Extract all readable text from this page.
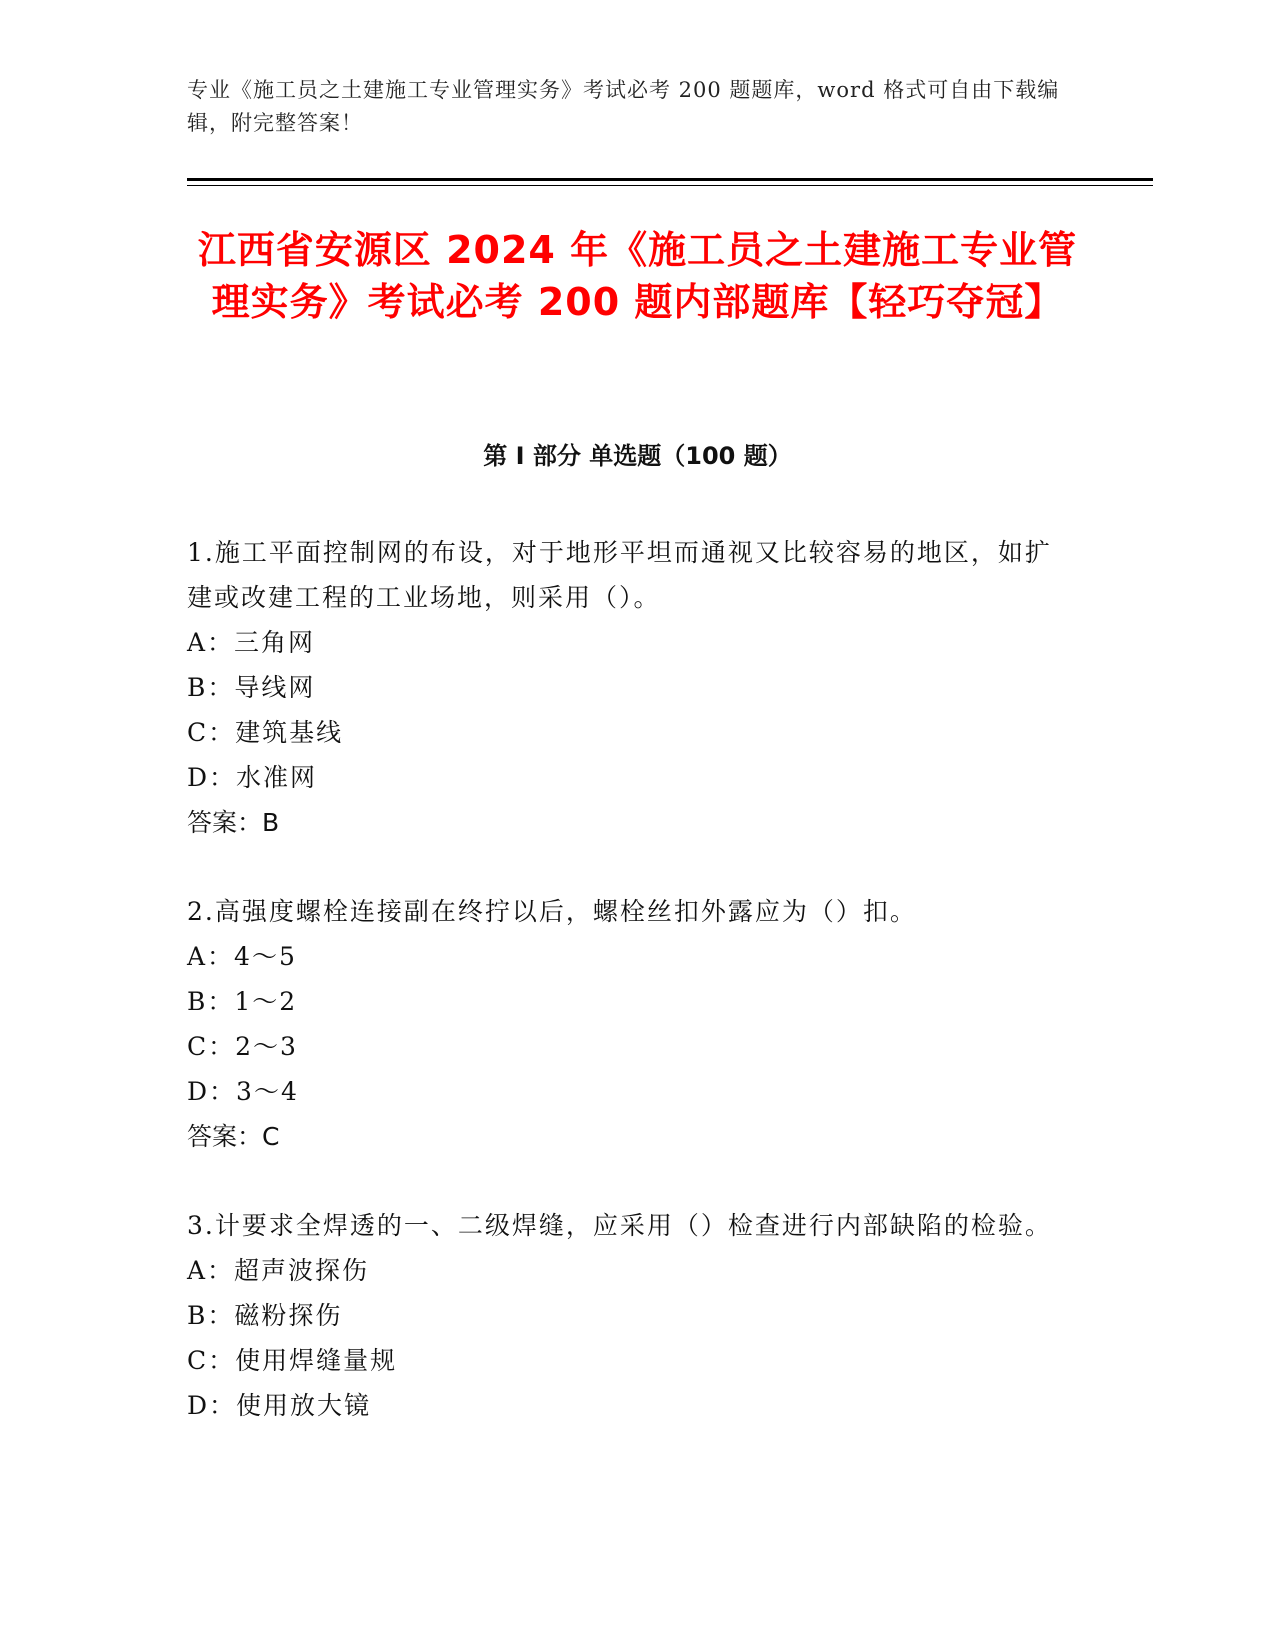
专业《施工员之土建施工专业管理实务》考试必考 200 题题库，word 格式可自由下载编辑，附完整答案！
江西省安源区 2024 年《施工员之土建施工专业管理实务》考试必考 200 题内部题库【轻巧夺冠】
第 I 部分 单选题（100 题）

1.施工平面控制网的布设，对于地形平坦而通视又比较容易的地区，如扩建或改建工程的工业场地，则采用（）。

A：三角网

B：导线网

C：建筑基线

D：水准网

答案：B

2.高强度螺栓连接副在终拧以后，螺栓丝扣外露应为（）扣。

A：4～5

B：1～2

C：2～3

D：3～4

答案：C

3.计要求全焊透的一、二级焊缝，应采用（）检查进行内部缺陷的检验。

A：超声波探伤

B：磁粉探伤

C：使用焊缝量规

D：使用放大镜
